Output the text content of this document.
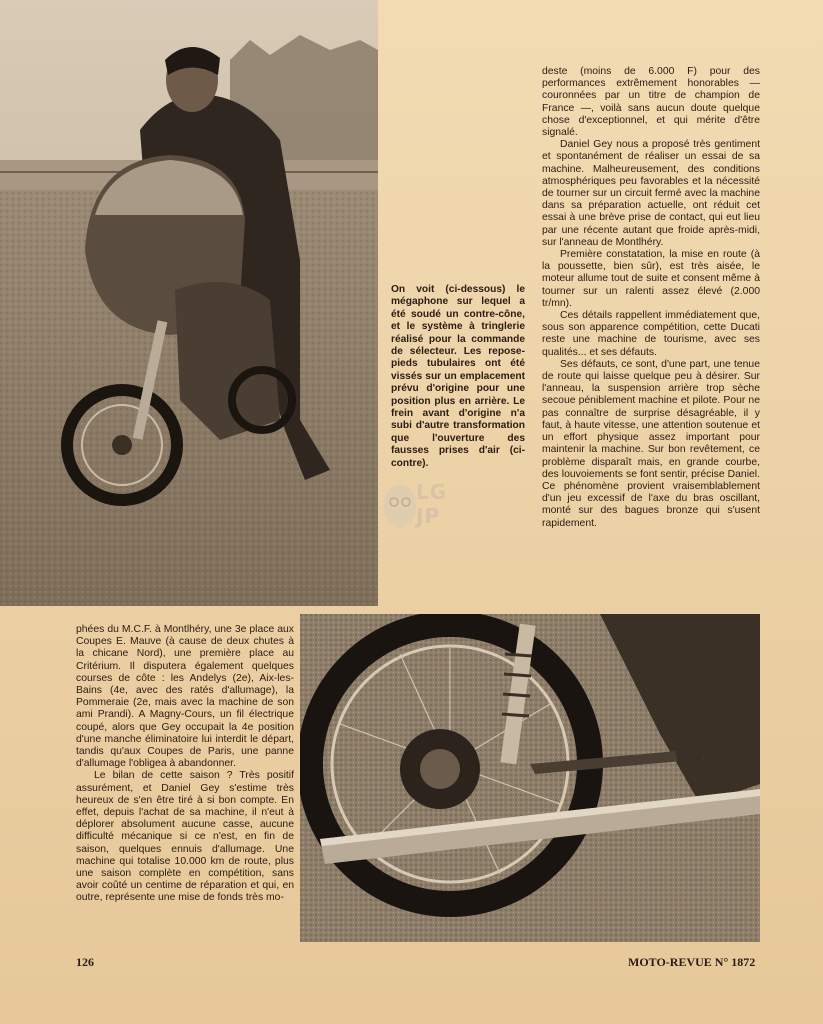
On voit (ci-dessous) le mégaphone sur lequel a été soudé un contre-cône, et le système à tringlerie réalisé pour la commande de sélecteur. Les repose-pieds tubulaires ont été vissés sur un emplacement prévu d'origine pour une position plus en arrière. Le frein avant d'origine n'a subi d'autre transformation que l'ouverture des fausses prises d'air (ci-contre).

deste (moins de 6.000 F) pour des performances extrêmement honorables — couronnées par un titre de champion de France —, voilà sans aucun doute quelque chose d'exceptionnel, et qui mérite d'être signalé.

Daniel Gey nous a proposé très gentiment et spontanément de réaliser un essai de sa machine. Malheureusement, des conditions atmosphériques peu favorables et la nécessité de tourner sur un circuit fermé avec la machine dans sa préparation actuelle, ont réduit cet essai à une brève prise de contact, qui eut lieu par une récente autant que froide après-midi, sur l'anneau de Montlhéry.

Première constatation, la mise en route (à la poussette, bien sûr), est très aisée, le moteur allume tout de suite et consent même à tourner sur un ralenti assez élevé (2.000 tr/mn).

Ces détails rappellent immédiatement que, sous son apparence compétition, cette Ducati reste une machine de tourisme, avec ses qualités... et ses défauts.

Ses défauts, ce sont, d'une part, une tenue de route qui laisse quelque peu à désirer. Sur l'anneau, la suspension arrière trop sèche secoue péniblement machine et pilote. Pour ne pas connaître de surprise désagréable, il y faut, à haute vitesse, une attention soutenue et un effort physique assez important pour maintenir la machine. Sur bon revêtement, ce problème disparaît mais, en grande courbe, des louvoiements se font sentir, précise Daniel. Ce phénomène provient vraisemblablement d'un jeu excessif de l'axe du bras oscillant, monté sur des bagues bronze qui s'usent rapidement.

LG
JP

phées du M.C.F. à Montlhéry, une 3e place aux Coupes E. Mauve (à cause de deux chutes à la chicane Nord), une première place au Critérium. Il disputera également quelques courses de côte : les Andelys (2e), Aix-les-Bains (4e, avec des ratés d'allumage), la Pommeraie (2e, mais avec la machine de son ami Prandi). A Magny-Cours, un fil électrique coupé, alors que Gey occupait la 4e position d'une manche éliminatoire lui interdit le départ, tandis qu'aux Coupes de Paris, une panne d'allumage l'obligea à abandonner.

Le bilan de cette saison ? Très positif assurément, et Daniel Gey s'estime très heureux de s'en être tiré à si bon compte. En effet, depuis l'achat de sa machine, il n'eut à déplorer absolument aucune casse, aucune difficulté mécanique si ce n'est, en fin de saison, quelques ennuis d'allumage. Une machine qui totalise 10.000 km de route, plus une saison complète en compétition, sans avoir coûté un centime de réparation et qui, en outre, représente une mise de fonds très mo-

126	MOTO-REVUE N° 1872
